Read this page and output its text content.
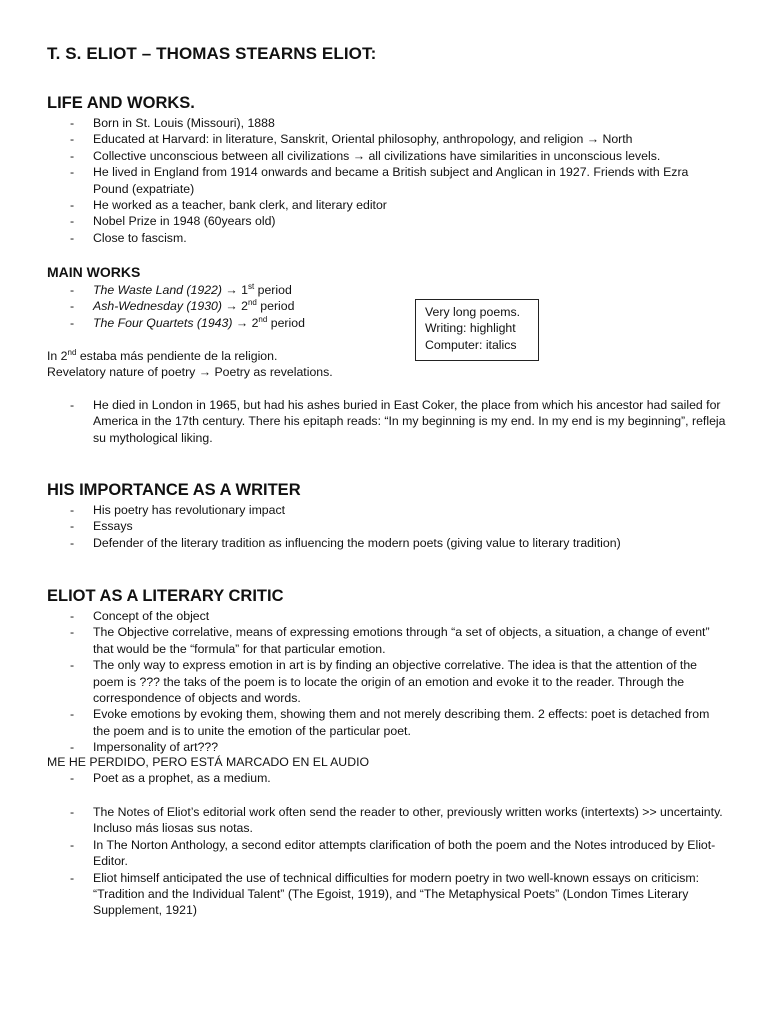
T. S. ELIOT – THOMAS STEARNS ELIOT:
LIFE AND WORKS.
- Born in St. Louis (Missouri), 1888
- Educated at Harvard: in literature, Sanskrit, Oriental philosophy, anthropology, and religion → North
- Collective unconscious between all civilizations → all civilizations have similarities in unconscious levels.
- He lived in England from 1914 onwards and became a British subject and Anglican in 1927. Friends with Ezra Pound (expatriate)
- He worked as a teacher, bank clerk, and literary editor
- Nobel Prize in 1948 (60years old)
- Close to fascism.
MAIN WORKS
- The Waste Land (1922) → 1st period
- Ash-Wednesday (1930) → 2nd period
- The Four Quartets (1943) → 2nd period
Very long poems.
Writing: highlight
Computer: italics

In 2nd estaba más pendiente de la religion.

Revelatory nature of poetry → Poetry as revelations.

- He died in London in 1965, but had his ashes buried in East Coker, the place from which his ancestor had sailed for America in the 17th century. There his epitaph reads: “In my beginning is my end. In my end is my beginning”, refleja su mythological liking.
HIS IMPORTANCE AS A WRITER
- His poetry has revolutionary impact
- Essays
- Defender of the literary tradition as influencing the modern poets (giving value to literary tradition)
ELIOT AS A LITERARY CRITIC
- Concept of the object
- The Objective correlative, means of expressing emotions through “a set of objects, a situation, a change of event” that would be the “formula” for that particular emotion.
- The only way to express emotion in art is by finding an objective correlative. The idea is that the attention of the poem is ??? the taks of the poem is to locate the origin of an emotion and evoke it to the reader. Through the correspondence of objects and words.
- Evoke emotions by evoking them, showing them and not merely describing them. 2 effects: poet is detached from the poem and is to unite the emotion of the particular poet.
- Impersonality of art???

ME HE PERDIDO, PERO ESTÁ MARCADO EN EL AUDIO

- Poet as a prophet, as a medium.
- The Notes of Eliot’s editorial work often send the reader to other, previously written works (intertexts) >> uncertainty. Incluso más liosas sus notas.
- In The Norton Anthology, a second editor attempts clarification of both the poem and the Notes introduced by Eliot-Editor.
- Eliot himself anticipated the use of technical difficulties for modern poetry in two well-known essays on criticism: “Tradition and the Individual Talent” (The Egoist, 1919), and “The Metaphysical Poets” (London Times Literary Supplement, 1921)
